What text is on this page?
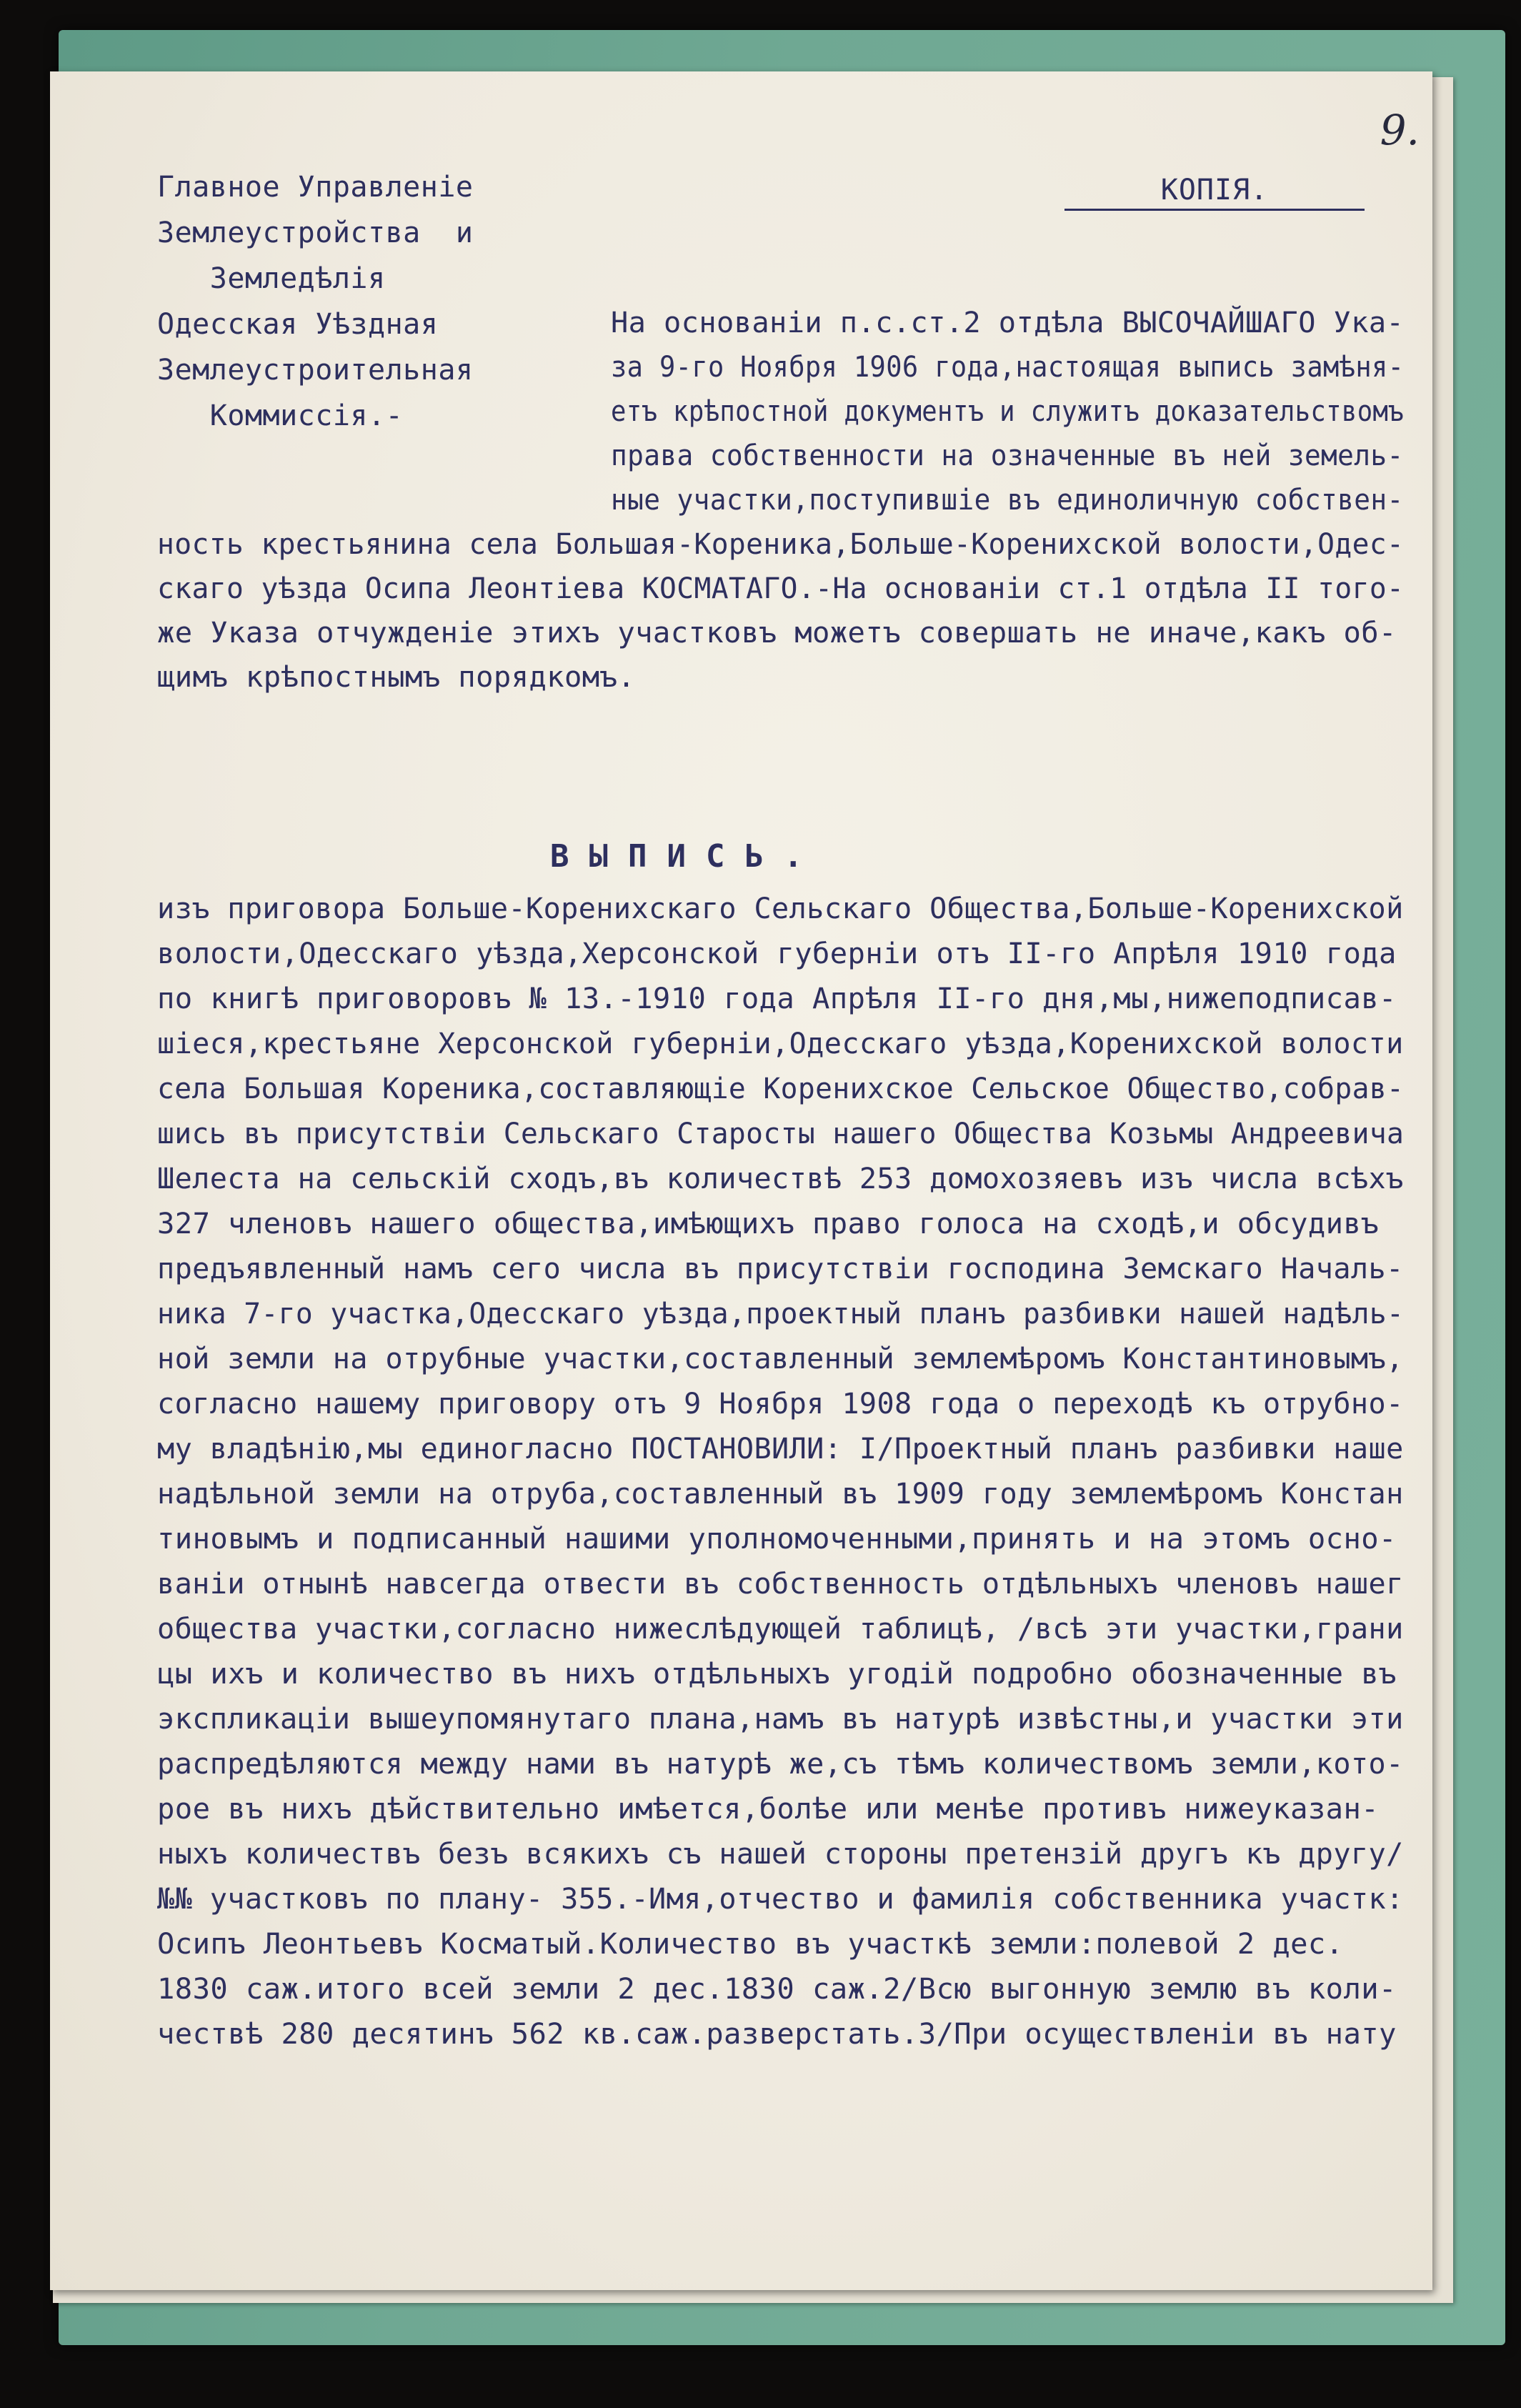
9.
Главное Управленіе
Землеустройства  и
Земледѣлія
Одесская Уѣздная
Землеустроительная
Коммиссія.-
КОПІЯ.
На основаніи п.с.ст.2 отдѣла ВЫСОЧАЙШАГО Ука-
за 9-го Ноября 1906 года,настоящая выпись замѣня-
етъ крѣпостной документъ и служитъ доказательствомъ
права собственности на означенные въ ней земель-
ные участки,поступившіе въ единоличную собствен-
ность крестьянина села Большая-Кореника,Больше-Коренихской волости,Одес-
скаго уѣзда Осипа Леонтіева КОСМАТАГО.-На основаніи ст.1 отдѣла II того-
же Указа отчужденіе этихъ участковъ можетъ совершать не иначе,какъ об-
щимъ крѣпостнымъ порядкомъ.
ВЫПИСЬ.
изъ приговора Больше-Коренихскаго Сельскаго Общества,Больше-Коренихской
волости,Одесскаго уѣзда,Херсонской губерніи отъ II-го Апрѣля 1910 года
по книгѣ приговоровъ № 13.-1910 года Апрѣля II-го дня,мы,нижеподписав-
шіеся,крестьяне Херсонской губерніи,Одесскаго уѣзда,Коренихской волости
села Большая Кореника,составляющіе Коренихское Сельское Общество,собрав-
шись въ присутствіи Сельскаго Старосты нашего Общества Козьмы Андреевича
Шелеста на сельскій сходъ,въ количествѣ 253 домохозяевъ изъ числа всѣхъ
327 членовъ нашего общества,имѣющихъ право голоса на сходѣ,и обсудивъ
предъявленный намъ сего числа въ присутствіи господина Земскаго Началь-
ника 7-го участка,Одесскаго уѣзда,проектный планъ разбивки нашей надѣль-
ной земли на отрубные участки,составленный землемѣромъ Константиновымъ,
согласно нашему приговору отъ 9 Ноября 1908 года о переходѣ къ отрубно-
му владѣнію,мы единогласно ПОСТАНОВИЛИ: I/Проектный планъ разбивки наше
надѣльной земли на отруба,составленный въ 1909 году землемѣромъ Констан
тиновымъ и подписанный нашими уполномоченными,принять и на этомъ осно-
ваніи отнынѣ навсегда отвести въ собственность отдѣльныхъ членовъ нашег
общества участки,согласно нижеслѣдующей таблицѣ, /всѣ эти участки,грани
цы ихъ и количество въ нихъ отдѣльныхъ угодій подробно обозначенные въ
экспликаціи вышеупомянутаго плана,намъ въ натурѣ извѣстны,и участки эти
распредѣляются между нами въ натурѣ же,съ тѣмъ количествомъ земли,кото-
рое въ нихъ дѣйствительно имѣется,болѣе или менѣе противъ нижеуказан-
ныхъ количествъ безъ всякихъ съ нашей стороны претензій другъ къ другу/
№№ участковъ по плану- 355.-Имя,отчество и фамилія собственника участк:
Осипъ Леонтьевъ Косматый.Количество въ участкѣ земли:полевой 2 дес.
1830 саж.итого всей земли 2 дес.1830 саж.2/Всю выгонную землю въ коли-
чествѣ 280 десятинъ 562 кв.саж.разверстать.3/При осуществленіи въ нату
